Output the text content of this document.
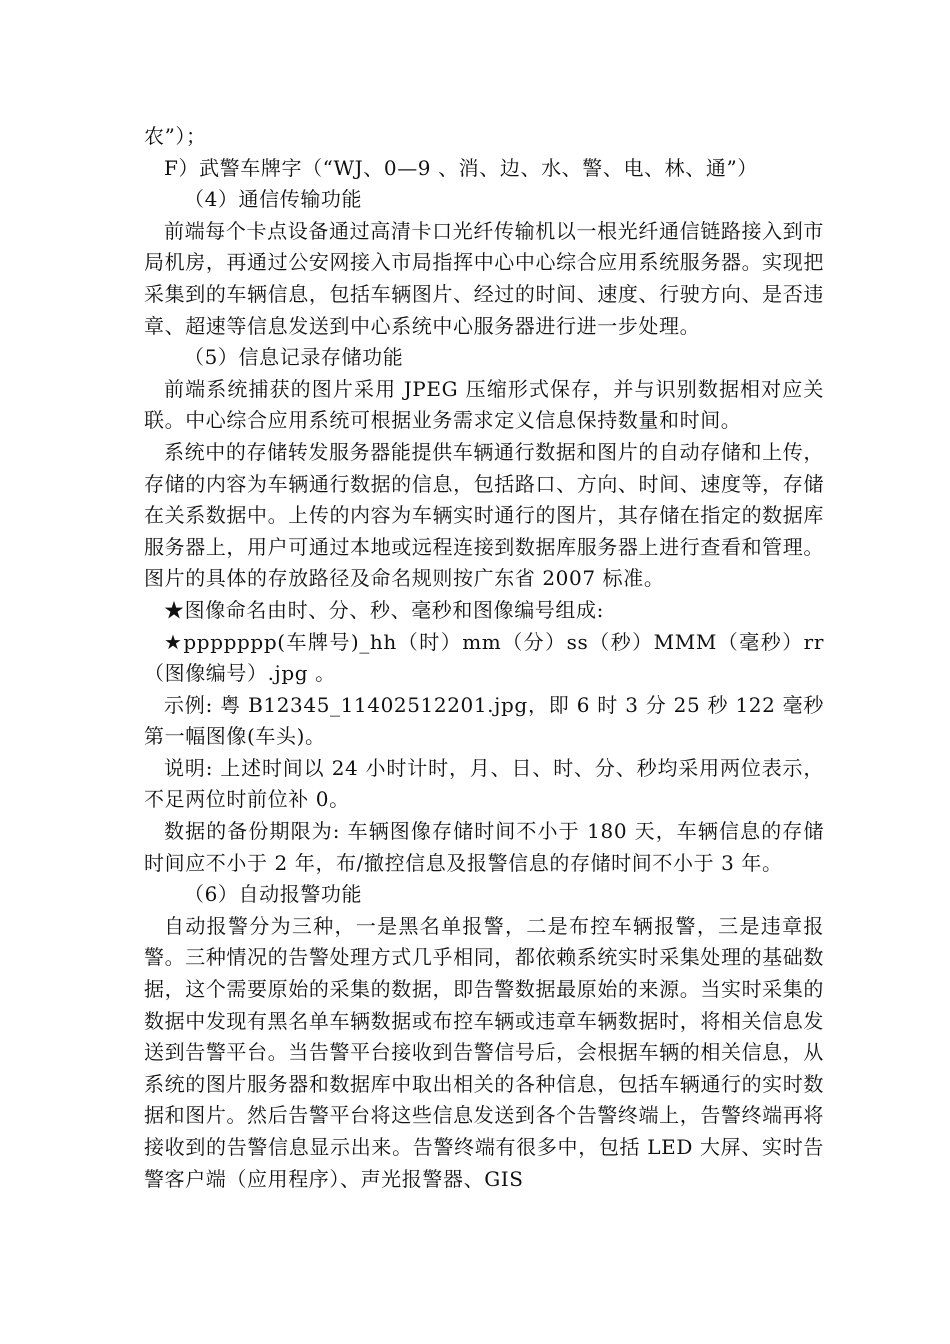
农”）；

F）武警车牌字（“WJ、0—9 、消、边、水、警、电、林、通”）

（4）通信传输功能

前端每个卡点设备通过高清卡口光纤传输机以一根光纤通信链路接入到市局机房，再通过公安网接入市局指挥中心中心综合应用系统服务器。实现把采集到的车辆信息，包括车辆图片、经过的时间、速度、行驶方向、是否违章、超速等信息发送到中心系统中心服务器进行进一步处理。

（5）信息记录存储功能

前端系统捕获的图片采用 JPEG 压缩形式保存，并与识别数据相对应关联。中心综合应用系统可根据业务需求定义信息保持数量和时间。

系统中的存储转发服务器能提供车辆通行数据和图片的自动存储和上传，存储的内容为车辆通行数据的信息，包括路口、方向、时间、速度等，存储在关系数据中。上传的内容为车辆实时通行的图片，其存储在指定的数据库服务器上，用户可通过本地或远程连接到数据库服务器上进行查看和管理。图片的具体的存放路径及命名规则按广东省 2007 标准。

★图像命名由时、分、秒、毫秒和图像编号组成:

★ppppppp(车牌号)_hh（时）mm（分）ss（秒）MMM（毫秒）rr（图像编号）.jpg 。

示例: 粤 B12345_11402512201.jpg，即 6 时 3 分 25 秒 122 毫秒第一幅图像(车头)。

说明: 上述时间以 24 小时计时，月、日、时、分、秒均采用两位表示，不足两位时前位补 0。

数据的备份期限为: 车辆图像存储时间不小于 180 天，车辆信息的存储时间应不小于 2 年，布/撤控信息及报警信息的存储时间不小于 3 年。

（6）自动报警功能

自动报警分为三种，一是黑名单报警，二是布控车辆报警，三是违章报警。三种情况的告警处理方式几乎相同，都依赖系统实时采集处理的基础数据，这个需要原始的采集的数据，即告警数据最原始的来源。当实时采集的数据中发现有黑名单车辆数据或布控车辆或违章车辆数据时，将相关信息发送到告警平台。当告警平台接收到告警信号后，会根据车辆的相关信息，从系统的图片服务器和数据库中取出相关的各种信息，包括车辆通行的实时数据和图片。然后告警平台将这些信息发送到各个告警终端上，告警终端再将接收到的告警信息显示出来。告警终端有很多中，包括 LED 大屏、实时告警客户端（应用程序）、声光报警器、GIS
